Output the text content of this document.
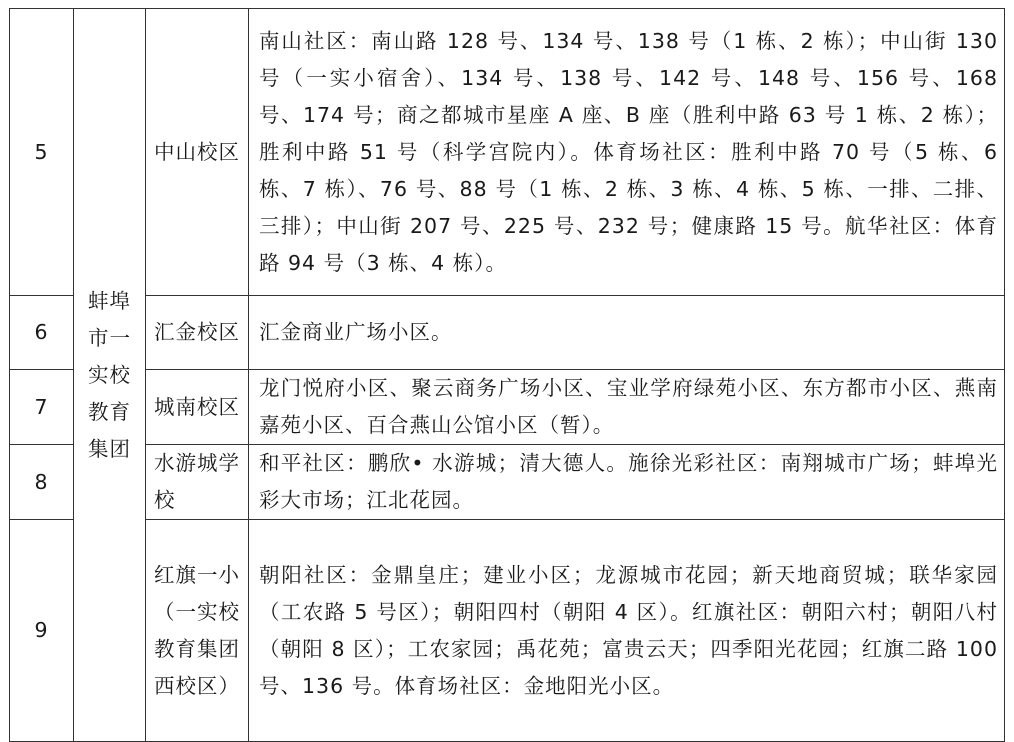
5	蚌埠市一实校教育集团	中山校区	南山社区：南山路 128 号、134 号、138 号（1 栋、2 栋）；中山街 130 号（一实小宿舍）、134 号、138 号、142 号、148 号、156 号、168 号、174 号；商之都城市星座 A 座、B 座（胜利中路 63 号 1 栋、2 栋）；胜利中路 51 号（科学宫院内）。体育场社区：胜利中路 70 号（5 栋、6 栋、7 栋）、76 号、88 号（1 栋、2 栋、3 栋、4 栋、5 栋、一排、二排、三排）；中山街 207 号、225 号、232 号；健康路 15 号。航华社区：体育路 94 号（3 栋、4 栋）。
6		汇金校区	汇金商业广场小区。
7		城南校区	龙门悦府小区、聚云商务广场小区、宝业学府绿苑小区、东方都市小区、燕南嘉苑小区、百合燕山公馆小区（暂）。
8		水游城学校	和平社区：鹏欣• 水游城；清大德人。施徐光彩社区：南翔城市广场；蚌埠光彩大市场；江北花园。
9		红旗一小（一实校教育集团西校区）	朝阳社区：金鼎皇庄；建业小区；龙源城市花园；新天地商贸城；联华家园（工农路 5 号区）；朝阳四村（朝阳 4 区）。红旗社区：朝阳六村；朝阳八村（朝阳 8 区）；工农家园；禹花苑；富贵云天；四季阳光花园；红旗二路 100 号、136 号。体育场社区：金地阳光小区。
